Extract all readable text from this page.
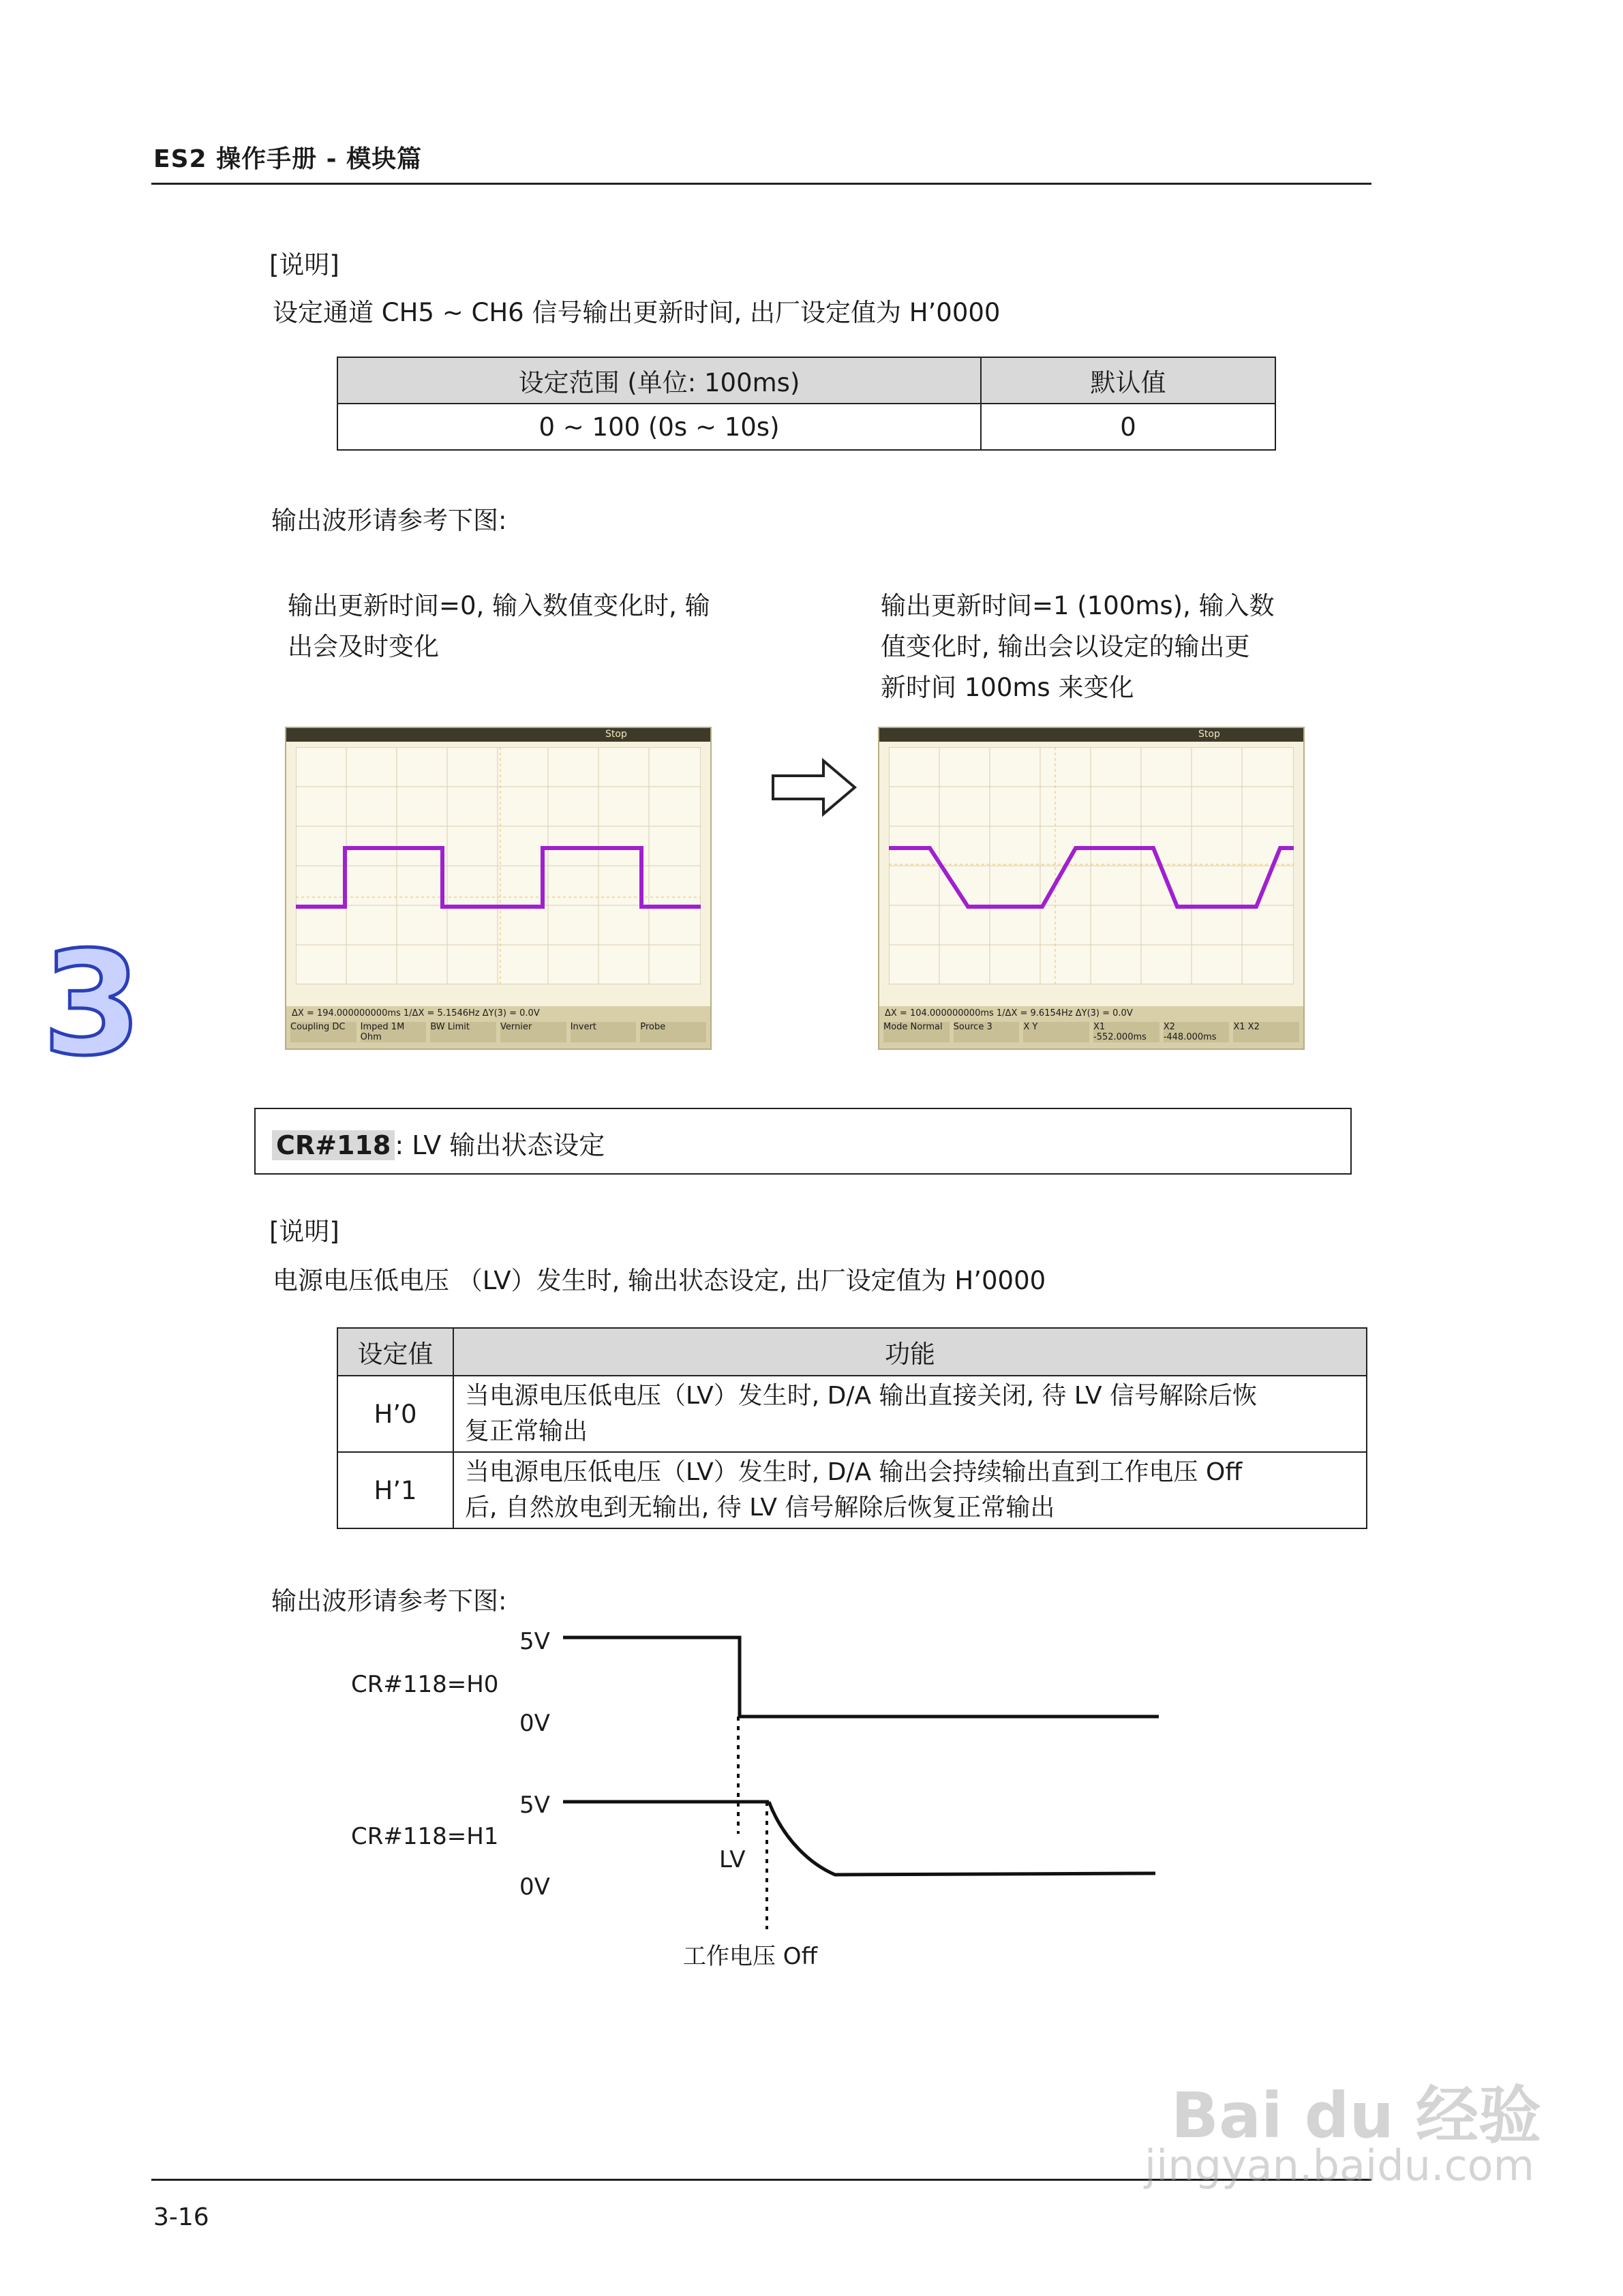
ES2 操作手册 - 模块篇
[说明]
设定通道 CH5 ~ CH6 信号输出更新时间, 出厂设定值为 H’0000
设定范围 (单位: 100ms)	默认值
0 ~ 100 (0s ~ 10s)	0
输出波形请参考下图:
输出更新时间=0, 输入数值变化时, 输
出会及时变化
输出更新时间=1 (100ms), 输入数
值变化时, 输出会以设定的输出更
新时间 100ms 来变化
Stop
ΔX = 194.000000000ms 1/ΔX = 5.1546Hz ΔY(3) = 0.0V
Coupling DC	Imped 1M Ohm
BW Limit	Vernier	Invert	Probe
Stop
ΔX = 104.000000000ms 1/ΔX = 9.6154Hz ΔY(3) = 0.0V
Mode Normal	Source 3	X Y	X1 -552.000ms
X2 -448.000ms
X1 X2
3
CR#118 : LV 输出状态设定
[说明]
电源电压低电压 （LV）发生时, 输出状态设定, 出厂设定值为 H’0000
设定值	功能
H’0	当电源电压低电压（LV）发生时, D/A 输出直接关闭, 待 LV 信号解除后恢
复正常输出

H’1	当电源电压低电压（LV）发生时, D/A 输出会持续输出直到工作电压 Off
后, 自然放电到无输出, 待 LV 信号解除后恢复正常输出
输出波形请参考下图:
5V
CR#118=H0
0V
5V
CR#118=H1
0V
LV
工作电压 Off
3-16
Bai du 经验
jingyan.baidu.com
